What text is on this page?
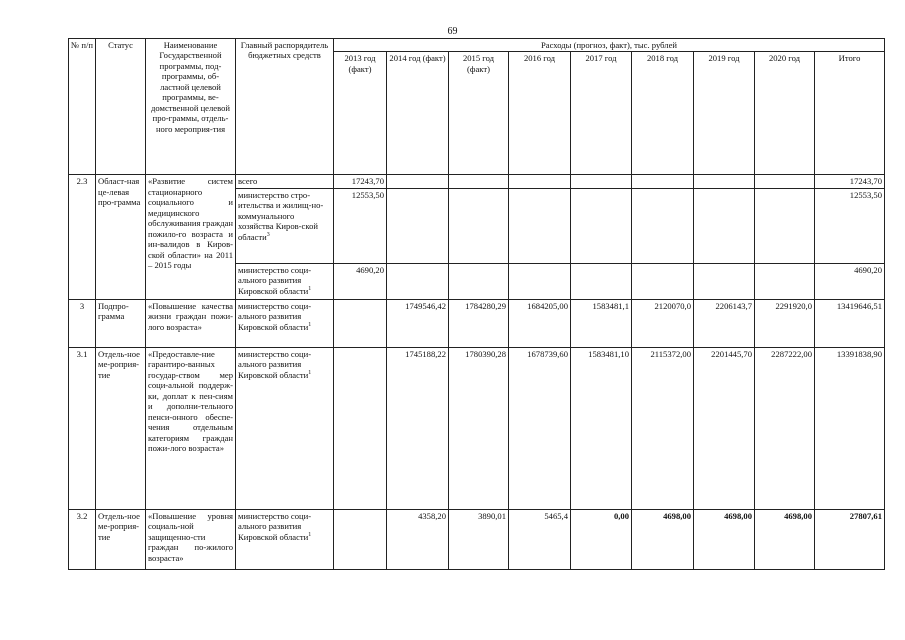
69
№ п/п	Статус	Наименование Государственной программы, под-программы, об-ластной целевой программы, ве-домственной целевой про-граммы, отдель-ного мероприя-тия	Главный распорядитель бюджетных средств	Расходы (прогноз, факт), тыс. рублей								
				2013 год (факт)	2014 год (факт)	2015 год (факт)	2016 год	2017 год	2018 год	2019 год	2020 год	Итого
2.3	Област-ная це-левая про-грамма	«Развитие систем стационарного социального и медицинского обслуживания граждан пожило-го возраста и ин-валидов в Киров-ской области» на 2011 – 2015 годы	всего	17243,70								17243,70
			министерство стро-ительства и жилищ-но-коммунального хозяйства Киров-ской области$^3$	12553,50								12553,50
			министерство соци-ального развития Кировской области$^1$	4690,20								4690,20
3	Подпро-грамма	«Повышение качества жизни граждан пожи-лого возраста»	министерство соци-ального развития Кировской области$^1$		1749546,42	1784280,29	1684205,00	1583481,1	2120070,0	2206143,7	2291920,0	13419646,51
3.1	Отдель-ное ме-роприя-тие	«Предоставле-ние гарантиро-ванных государ-ством мер соци-альной поддерж-ки, доплат к пен-сиям и дополни-тельного пенси-онного обеспе-чения отдельным категориям граждан пожи-лого возраста»	министерство соци-ального развития Кировской области$^1$		1745188,22	1780390,28	1678739,60	1583481,10	2115372,00	2201445,70	2287222,00	13391838,90
3.2	Отдель-ное ме-роприя-тие	«Повышение уровня социаль-ной защищенно-сти граждан по-жилого возраста»	министерство соци-ального развития Кировской области$^1$		4358,20	3890,01	5465,4	0,00	4698,00	4698,00	4698,00	27807,61
